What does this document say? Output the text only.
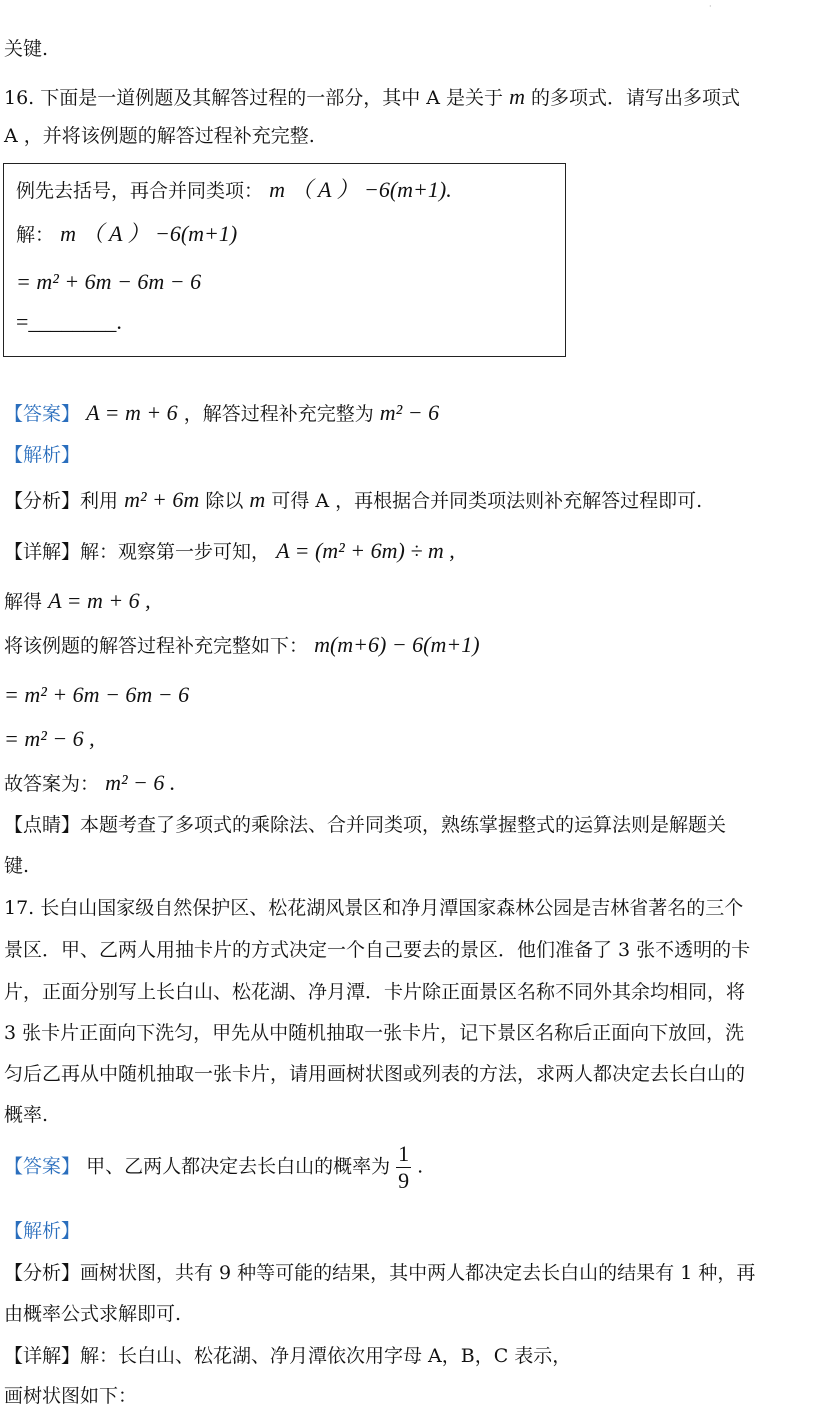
·
关键.
16. 下面是一道例题及其解答过程的一部分，其中 A 是关于 m 的多项式．请写出多项式
A ，并将该例题的解答过程补充完整.
例先去括号，再合并同类项： m （ A ） −6(m+1).
解： m （ A ） −6(m+1)
= m² + 6m − 6m − 6
=________.
【答案】 A = m + 6 ，解答过程补充完整为 m² − 6
【解析】
【分析】利用 m² + 6m 除以 m 可得 A ，再根据合并同类项法则补充解答过程即可.
【详解】解：观察第一步可知， A = (m² + 6m) ÷ m ,
解得 A = m + 6 ,
将该例题的解答过程补充完整如下： m(m+6) − 6(m+1)
= m² + 6m − 6m − 6
= m² − 6 ,
故答案为： m² − 6 .
【点睛】本题考查了多项式的乘除法、合并同类项，熟练掌握整式的运算法则是解题关
键.
17. 长白山国家级自然保护区、松花湖风景区和净月潭国家森林公园是吉林省著名的三个
景区．甲、乙两人用抽卡片的方式决定一个自己要去的景区．他们准备了 3 张不透明的卡
片，正面分别写上长白山、松花湖、净月潭．卡片除正面景区名称不同外其余均相同，将
3 张卡片正面向下洗匀，甲先从中随机抽取一张卡片，记下景区名称后正面向下放回，洗
匀后乙再从中随机抽取一张卡片，请用画树状图或列表的方法，求两人都决定去长白山的
概率.
【答案】 甲、乙两人都决定去长白山的概率为 $\frac{1}{9}$ .
【解析】
【分析】画树状图，共有 9 种等可能的结果，其中两人都决定去长白山的结果有 1 种，再
由概率公式求解即可.
【详解】解：长白山、松花湖、净月潭依次用字母 A，B，C 表示，
画树状图如下：
